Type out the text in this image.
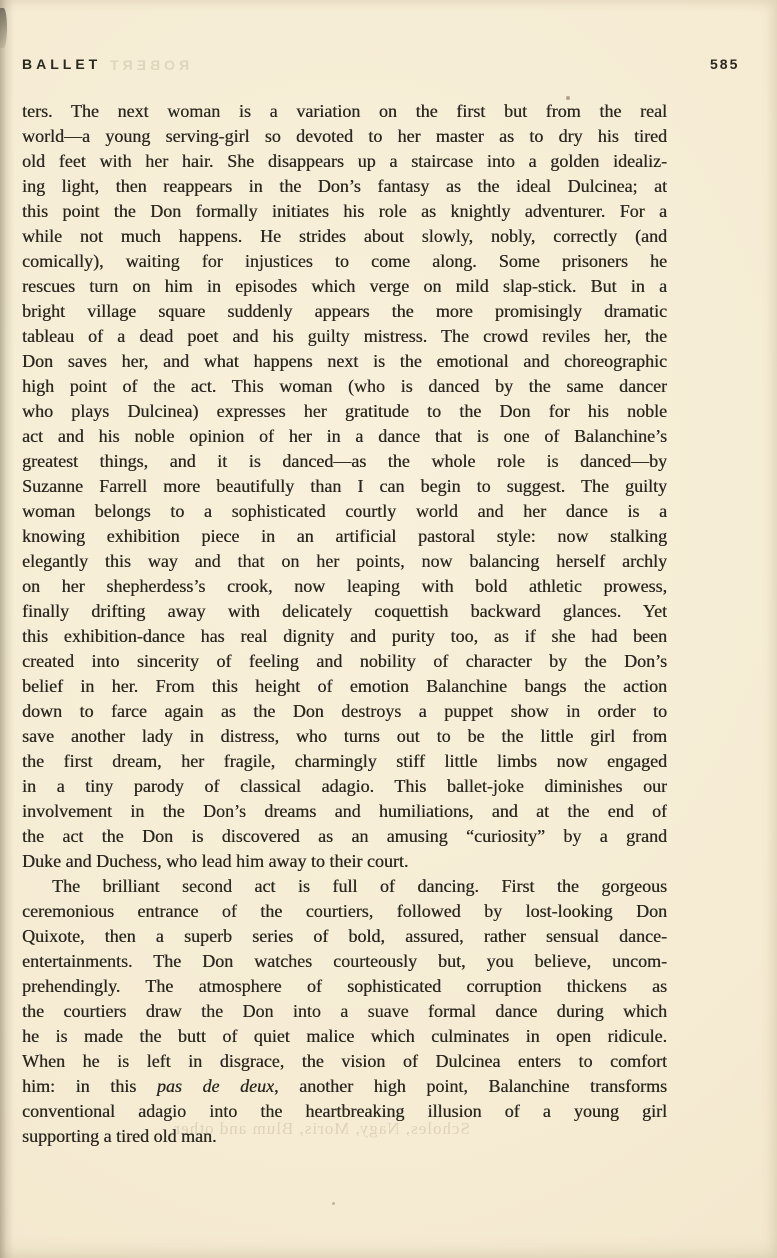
BALLET ROBERT	585
ters. The next woman is a variation on the first but from the real
world—a young serving-girl so devoted to her master as to dry his tired
old feet with her hair. She disappears up a staircase into a golden idealiz-
ing light, then reappears in the Don’s fantasy as the ideal Dulcinea; at
this point the Don formally initiates his role as knightly adventurer. For a
while not much happens. He strides about slowly, nobly, correctly (and
comically), waiting for injustices to come along. Some prisoners he
rescues turn on him in episodes which verge on mild slap-stick. But in a
bright village square suddenly appears the more promisingly dramatic
tableau of a dead poet and his guilty mistress. The crowd reviles her, the
Don saves her, and what happens next is the emotional and choreographic
high point of the act. This woman (who is danced by the same dancer
who plays Dulcinea) expresses her gratitude to the Don for his noble
act and his noble opinion of her in a dance that is one of Balanchine’s
greatest things, and it is danced—as the whole role is danced—by
Suzanne Farrell more beautifully than I can begin to suggest. The guilty
woman belongs to a sophisticated courtly world and her dance is a
knowing exhibition piece in an artificial pastoral style: now stalking
elegantly this way and that on her points, now balancing herself archly
on her shepherdess’s crook, now leaping with bold athletic prowess,
finally drifting away with delicately coquettish backward glances. Yet
this exhibition-dance has real dignity and purity too, as if she had been
created into sincerity of feeling and nobility of character by the Don’s
belief in her. From this height of emotion Balanchine bangs the action
down to farce again as the Don destroys a puppet show in order to
save another lady in distress, who turns out to be the little girl from
the first dream, her fragile, charmingly stiff little limbs now engaged
in a tiny parody of classical adagio. This ballet-joke diminishes our
involvement in the Don’s dreams and humiliations, and at the end of
the act the Don is discovered as an amusing “curiosity” by a grand
Duke and Duchess, who lead him away to their court.
The brilliant second act is full of dancing. First the gorgeous
ceremonious entrance of the courtiers, followed by lost-looking Don
Quixote, then a superb series of bold, assured, rather sensual dance-
entertainments. The Don watches courteously but, you believe, uncom-
prehendingly. The atmosphere of sophisticated corruption thickens as
the courtiers draw the Don into a suave formal dance during which
he is made the butt of quiet malice which culminates in open ridicule.
When he is left in disgrace, the vision of Dulcinea enters to comfort
him: in this pas de deux, another high point, Balanchine transforms
conventional adagio into the heartbreaking illusion of a young girl
supporting a tired old man.
Scholes, Nagy, Moris, Blum and other
